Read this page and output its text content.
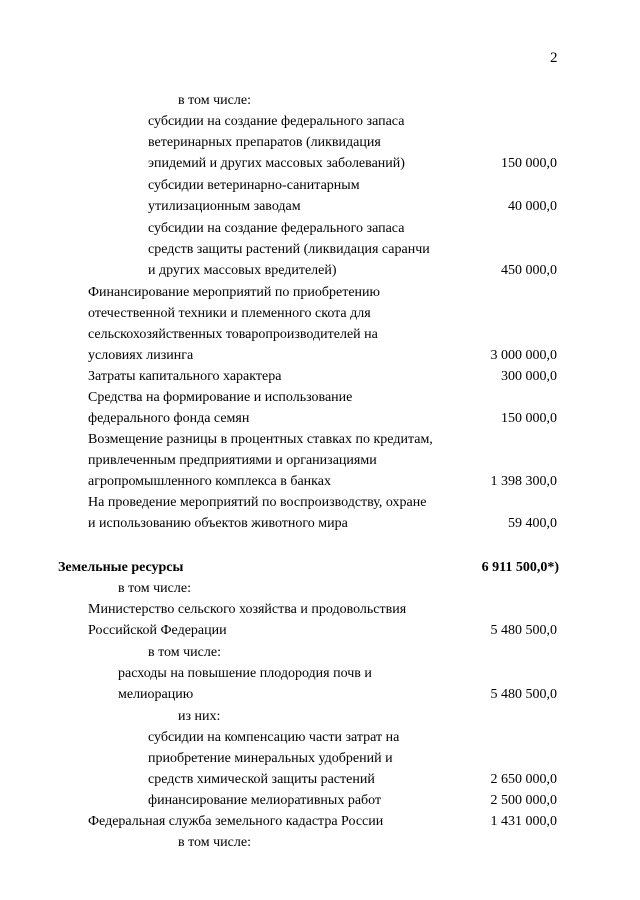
2
в том числе:
субсидии на создание федерального запаса
ветеринарных препаратов (ликвидация
эпидемий и других массовых заболеваний)	150 000,0
субсидии ветеринарно-санитарным
утилизационным заводам	40 000,0
субсидии на создание федерального запаса
средств защиты растений (ликвидация саранчи
и других массовых вредителей)	450 000,0
Финансирование мероприятий по приобретению
отечественной техники и племенного скота для
сельскохозяйственных товаропроизводителей на
условиях лизинга	3 000 000,0
Затраты капитального характера	300 000,0
Средства на формирование и использование
федерального фонда семян	150 000,0
Возмещение разницы в процентных ставках по кредитам,
привлеченным предприятиями и организациями
агропромышленного комплекса в банках	1 398 300,0
На проведение мероприятий по воспроизводству, охране
и использованию объектов животного мира	59 400,0
Земельные ресурсы	6 911 500,0*)
в том числе:
Министерство сельского хозяйства и продовольствия
Российской Федерации	5 480 500,0
в том числе:
расходы на повышение плодородия почв и
мелиорацию	5 480 500,0
из них:
субсидии на компенсацию части затрат на
приобретение минеральных удобрений и
средств химической защиты растений	2 650 000,0
финансирование мелиоративных работ	2 500 000,0
Федеральная служба земельного кадастра России	1 431 000,0
в том числе:
